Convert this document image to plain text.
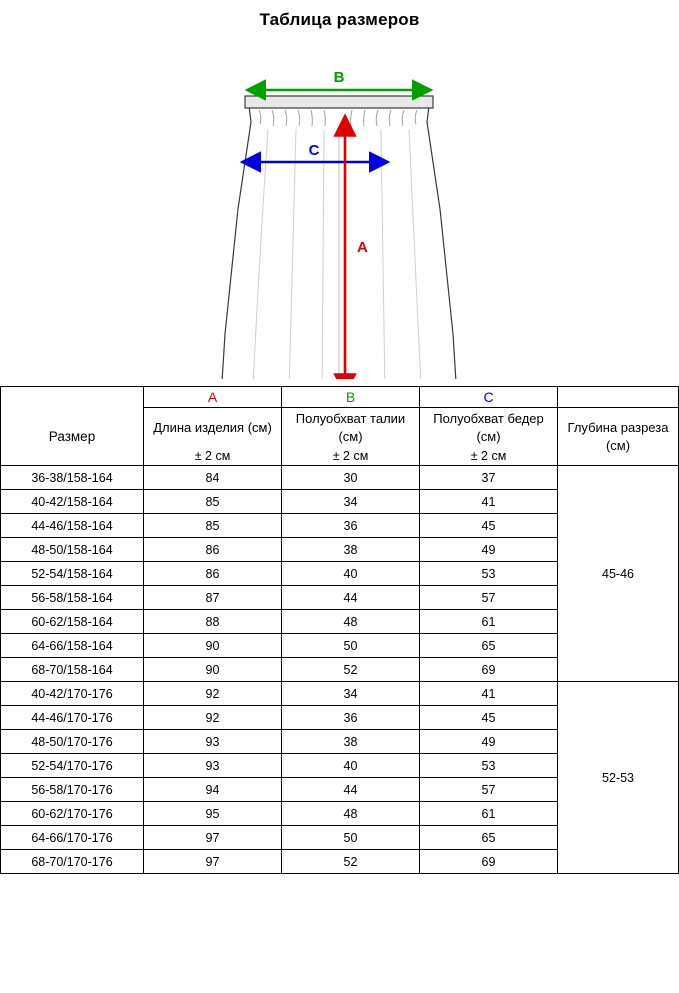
Таблица размеров
B
C
A
	A	B	C	
Размер	Длина изделия (см)	Полуобхват талии (см)	Полуобхват бедер (см)	Глубина разреза (см)
	± 2 см	± 2 см	± 2 см	
36-38/158-164	84	30	37	45-46
40-42/158-164	85	34	41	
44-46/158-164	85	36	45	
48-50/158-164	86	38	49	
52-54/158-164	86	40	53	
56-58/158-164	87	44	57	
60-62/158-164	88	48	61	
64-66/158-164	90	50	65	
68-70/158-164	90	52	69	
40-42/170-176	92	34	41	52-53
44-46/170-176	92	36	45	
48-50/170-176	93	38	49	
52-54/170-176	93	40	53	
56-58/170-176	94	44	57	
60-62/170-176	95	48	61	
64-66/170-176	97	50	65	
68-70/170-176	97	52	69	
